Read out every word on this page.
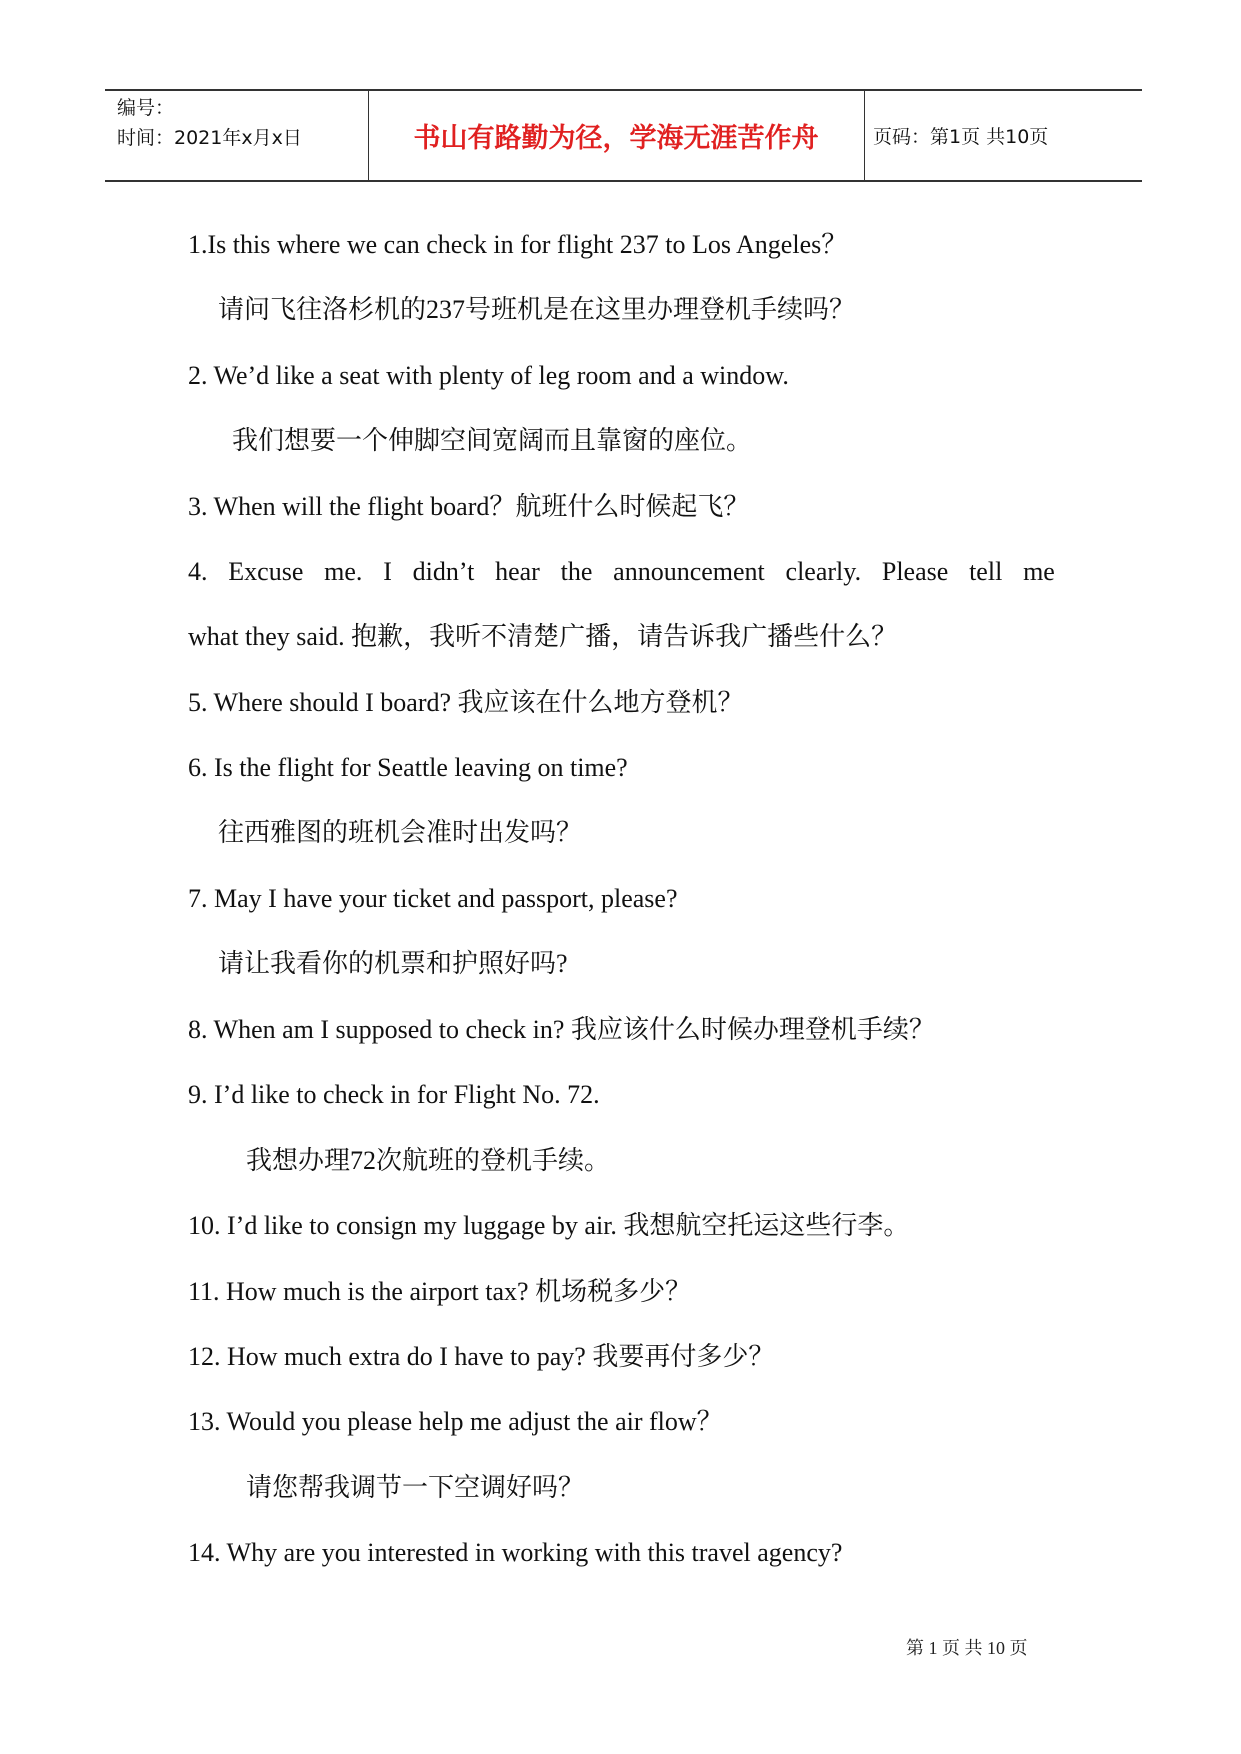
编号：
时间：2021年x月x日	书山有路勤为径，学海无涯苦作舟	页码：第1页 共10页
1.Is this where we can check in for flight 237 to Los Angeles？
请问飞往洛杉机的237号班机是在这里办理登机手续吗？
2. We’d like a seat with plenty of leg room and a window.
我们想要一个伸脚空间宽阔而且靠窗的座位。
3. When will the flight board？航班什么时候起飞？
4. Excuse me. I didn’t hear the announcement clearly. Please tell me
what they said. 抱歉，我听不清楚广播，请告诉我广播些什么？
5. Where should I board? 我应该在什么地方登机？
6. Is the flight for Seattle leaving on time?
往西雅图的班机会准时出发吗？
7. May I have your ticket and passport, please?
请让我看你的机票和护照好吗?
8. When am I supposed to check in? 我应该什么时候办理登机手续？
9. I’d like to check in for Flight No. 72.
我想办理72次航班的登机手续。
10. I’d like to consign my luggage by air. 我想航空托运这些行李。
11. How much is the airport tax? 机场税多少？
12. How much extra do I have to pay? 我要再付多少？
13. Would you please help me adjust the air flow？
请您帮我调节一下空调好吗？
14. Why are you interested in working with this travel agency?
第 1 页 共 10 页
